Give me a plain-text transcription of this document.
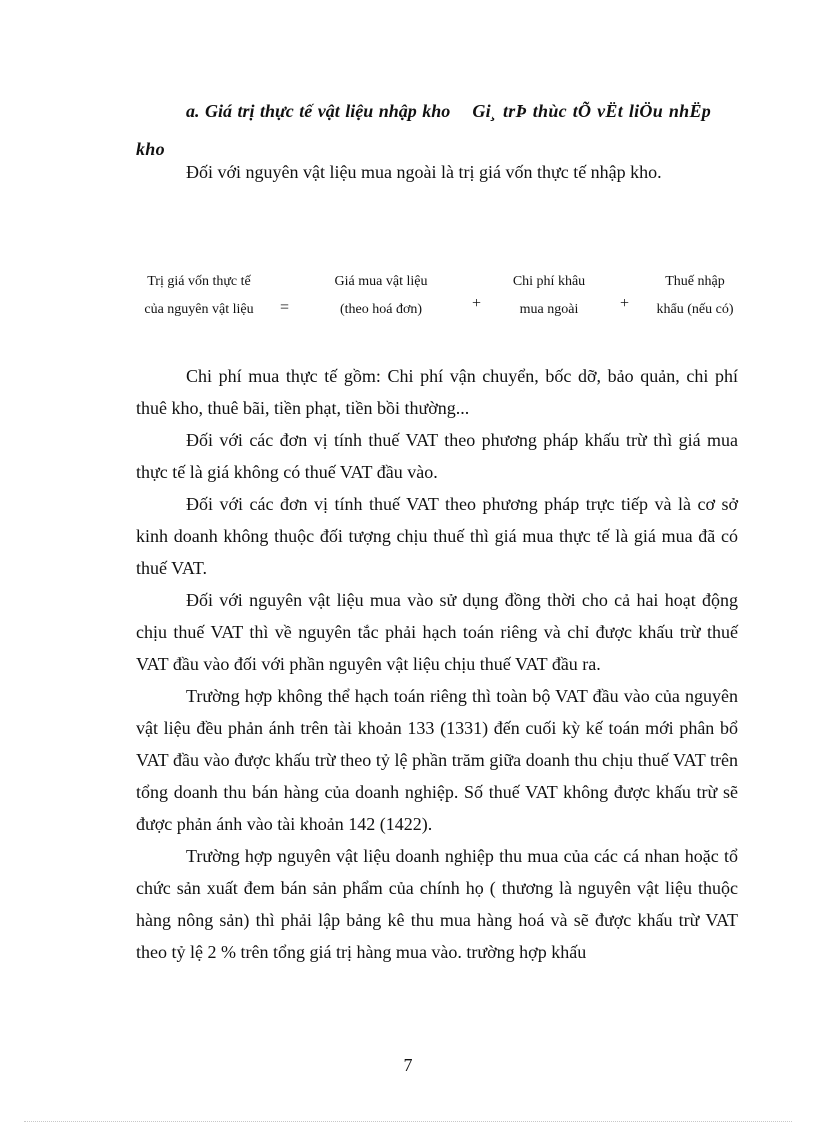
a. Giá trị thực tế vật liệu nhập kho Gi¸ trÞ thùc tÕ vËt liÖu nhËp kho

Đối với nguyên vật liệu mua ngoài là trị giá vốn thực tế nhập kho.

Trị giá vốn thực tế
của nguyên vật liệu	=
Giá mua vật liệu
(theo hoá đơn)	+
Chi phí khâu
mua ngoài	+
Thuế nhập
khẩu (nếu có)

Chi phí mua thực tế gồm: Chi phí vận chuyển, bốc dỡ, bảo quản, chi phí thuê kho, thuê bãi, tiền phạt, tiền bồi thường...

Đối với các đơn vị tính thuế VAT theo phương pháp khấu trừ thì giá mua thực tế là giá không có thuế VAT đầu vào.

Đối với các đơn vị tính thuế VAT theo phương pháp trực tiếp và là cơ sở kinh doanh không thuộc đối tượng chịu thuế thì giá mua thực tế là giá mua đã có thuế VAT.

Đối với nguyên vật liệu mua vào sử dụng đồng thời cho cả hai hoạt động chịu thuế VAT thì về nguyên tắc phải hạch toán riêng và chỉ được khấu trừ thuế VAT đầu vào đối với phần nguyên vật liệu chịu thuế VAT đầu ra.

Trường hợp không thể hạch toán riêng thì toàn bộ VAT đầu vào của nguyên vật liệu đều phản ánh trên tài khoản 133 (1331) đến cuối kỳ kế toán mới phân bổ VAT đầu vào được khấu trừ theo tỷ lệ phần trăm giữa doanh thu chịu thuế VAT trên tổng doanh thu bán hàng của doanh nghiệp. Số thuế VAT không được khấu trừ sẽ được phản ánh vào tài khoản 142 (1422).

Trường hợp nguyên vật liệu doanh nghiệp thu mua của các cá nhan hoặc tổ chức sản xuất đem bán sản phẩm của chính họ ( thương là nguyên vật liệu thuộc hàng nông sản) thì phải lập bảng kê thu mua hàng hoá và sẽ được khấu trừ VAT theo tỷ lệ 2 % trên tổng giá trị hàng mua vào. trường hợp khấu

7
